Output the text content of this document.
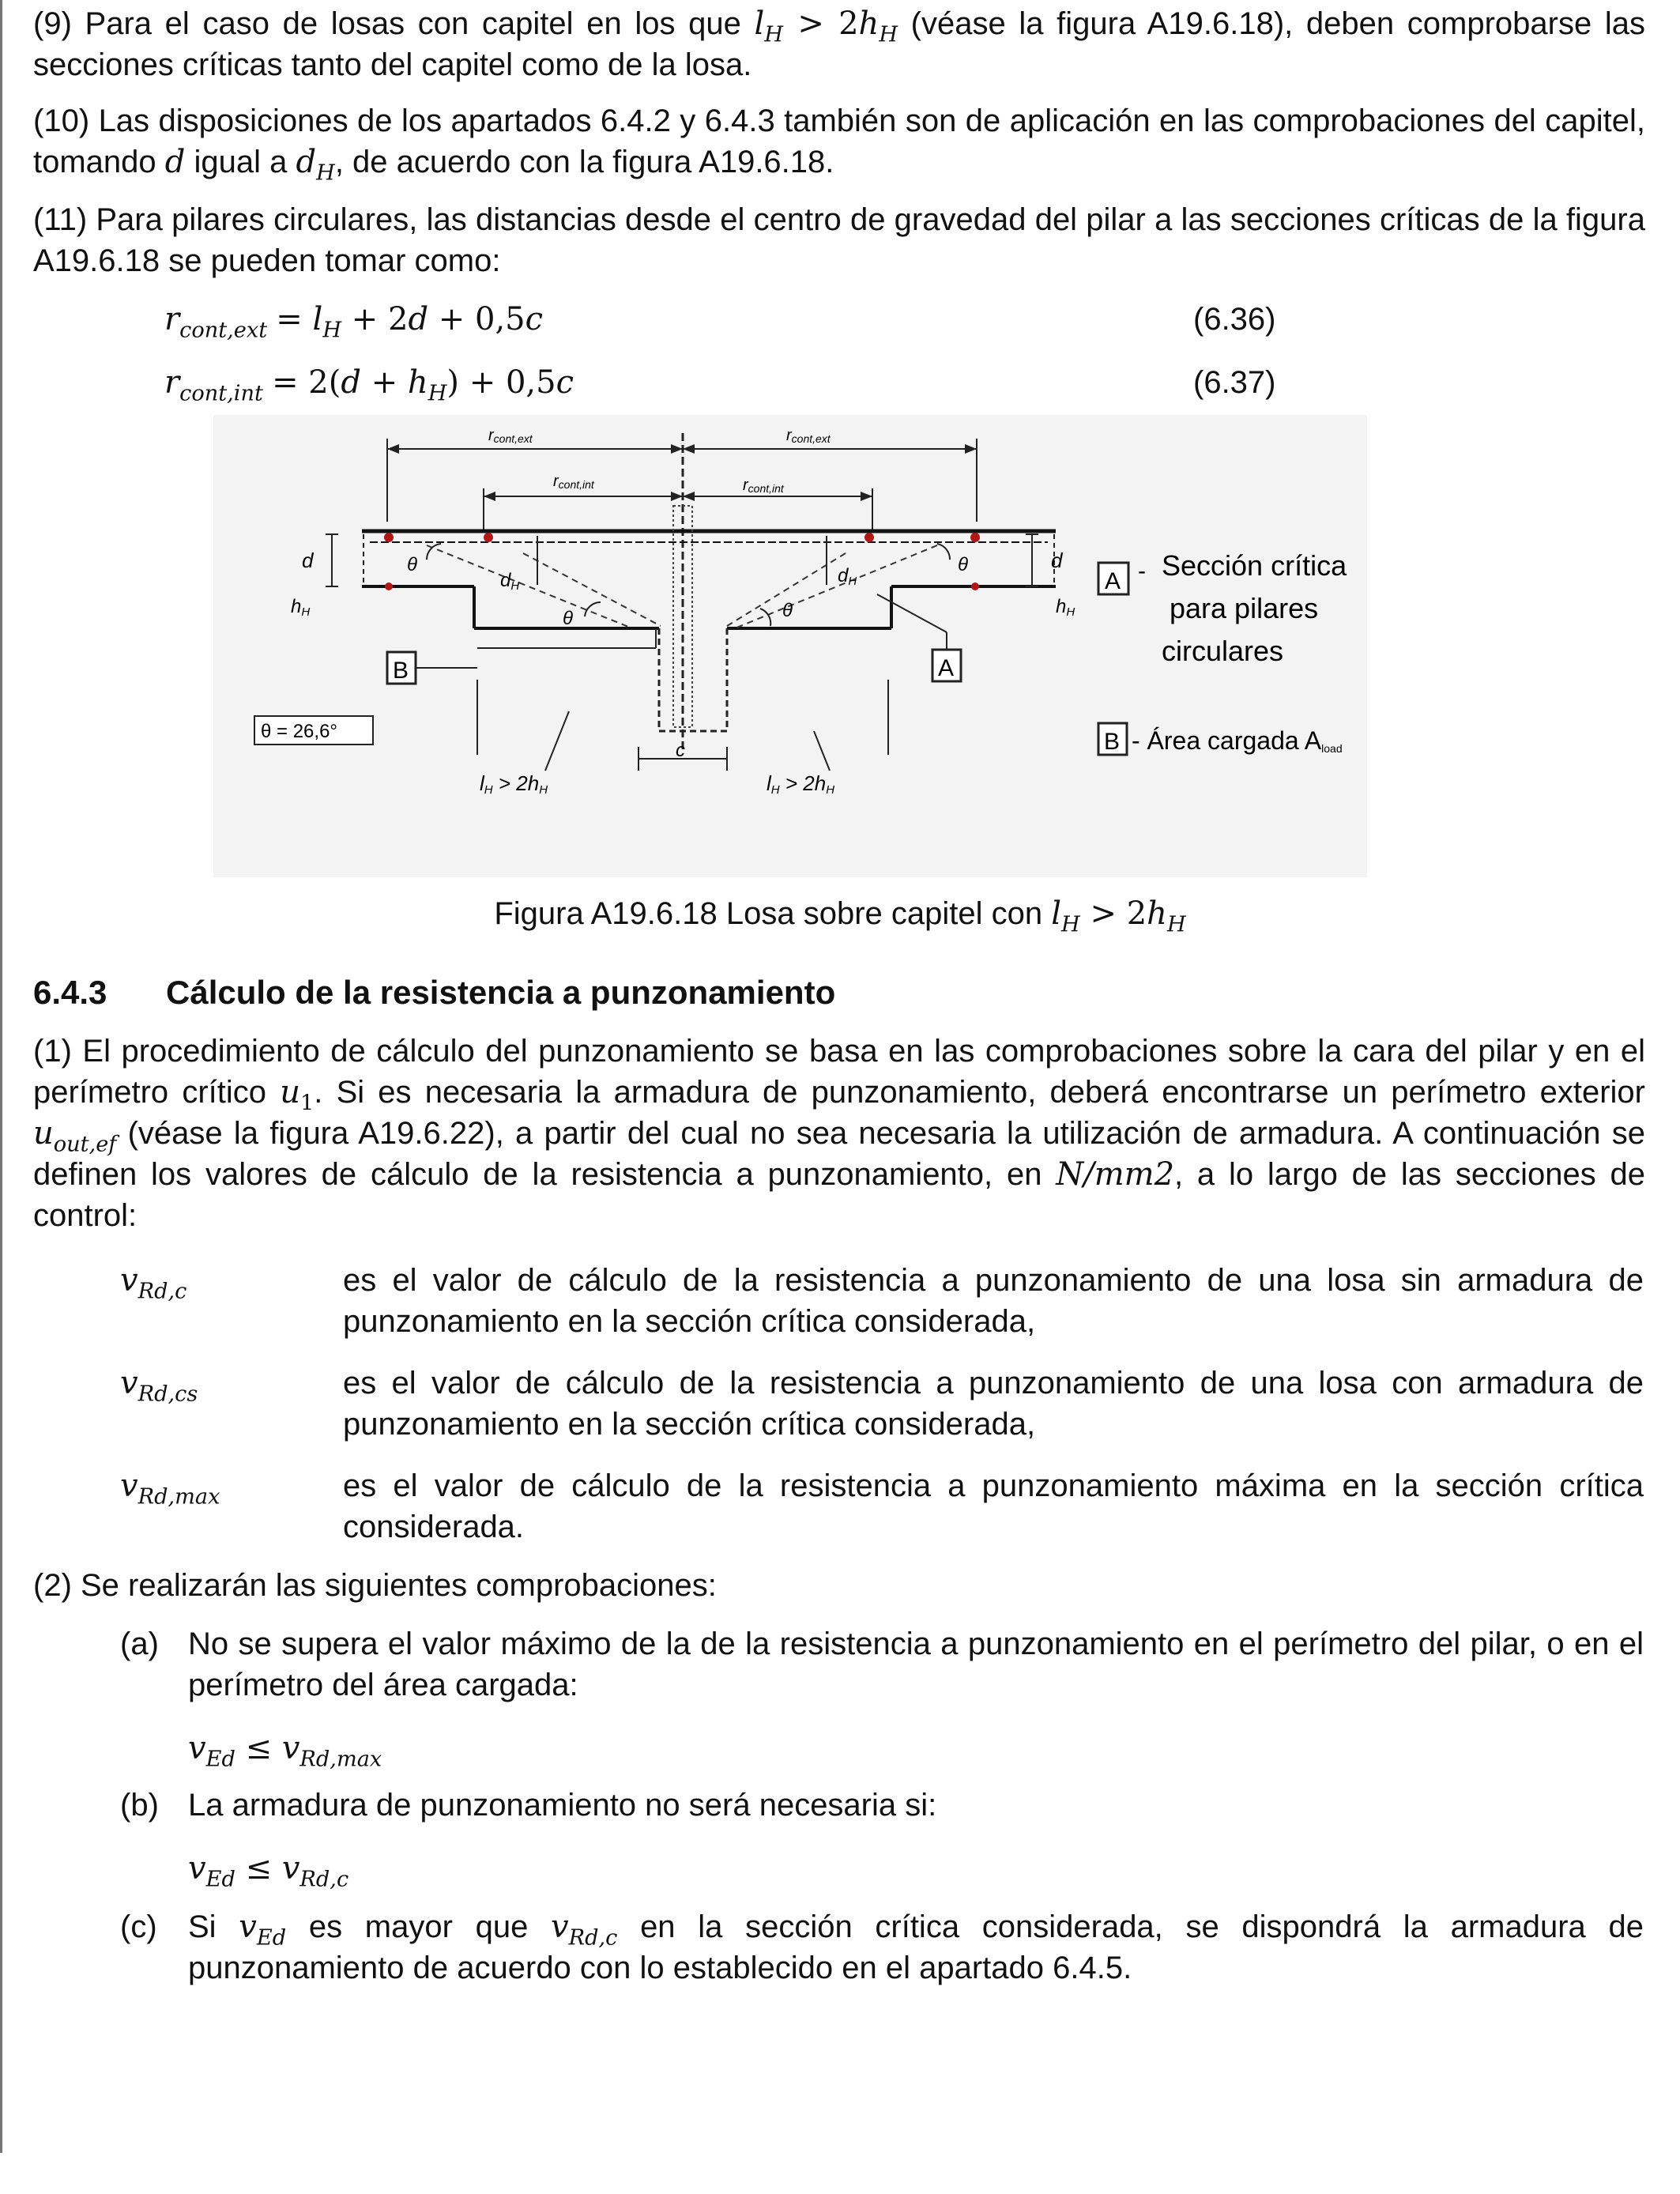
(9) Para el caso de losas con capitel en los que $l_H > 2h_H$ (véase la figura A19.6.18), deben comprobarse las secciones críticas tanto del capitel como de la losa.
(10) Las disposiciones de los apartados 6.4.2 y 6.4.3 también son de aplicación en las comprobaciones del capitel, tomando d igual a $d_H$, de acuerdo con la figura A19.6.18.
(11) Para pilares circulares, las distancias desde el centro de gravedad del pilar a las secciones críticas de la figura A19.6.18 se pueden tomar como:
$r_{cont,ext} = l_H + 2d + 0,5c$	(6.36)
$r_{cont,int} = 2(d + h_H) + 0,5c$	(6.37)
rcont,ext	rcont,ext
rcont,int	rcont,int
dH	dH
θ
θ	θ
θ
d
hH
d
hH
B	A
lH > 2hH	lH > 2hH
c
θ = 26,6°
A - Sección crítica
para pilares
circulares
B - Área cargada Aload
Figura A19.6.18 Losa sobre capitel con $l_H > 2h_H$
6.4.3 Cálculo de la resistencia a punzonamiento
(1) El procedimiento de cálculo del punzonamiento se basa en las comprobaciones sobre la cara del pilar y en el perímetro crítico $u_1$. Si es necesaria la armadura de punzonamiento, deberá encontrarse un perímetro exterior $u_{out,ef}$ (véase la figura A19.6.22), a partir del cual no sea necesaria la utilización de armadura. A continuación se definen los valores de cálculo de la resistencia a punzonamiento, en N/mm2, a lo largo de las secciones de control:
$v_{Rd,c}$	es el valor de cálculo de la resistencia a punzonamiento de una losa sin armadura de punzonamiento en la sección crítica considerada,
$v_{Rd,cs}$	es el valor de cálculo de la resistencia a punzonamiento de una losa con armadura de punzonamiento en la sección crítica considerada,
$v_{Rd,max}$	es el valor de cálculo de la resistencia a punzonamiento máxima en la sección crítica considerada.
(2) Se realizarán las siguientes comprobaciones:
(a) No se supera el valor máximo de la de la resistencia a punzonamiento en el perímetro del pilar, o en el perímetro del área cargada:
$v_{Ed} \le v_{Rd,max}$
(b) La armadura de punzonamiento no será necesaria si:
$v_{Ed} \le v_{Rd,c}$
(c) Si $v_{Ed}$ es mayor que $v_{Rd,c}$ en la sección crítica considerada, se dispondrá la armadura de punzonamiento de acuerdo con lo establecido en el apartado 6.4.5.
